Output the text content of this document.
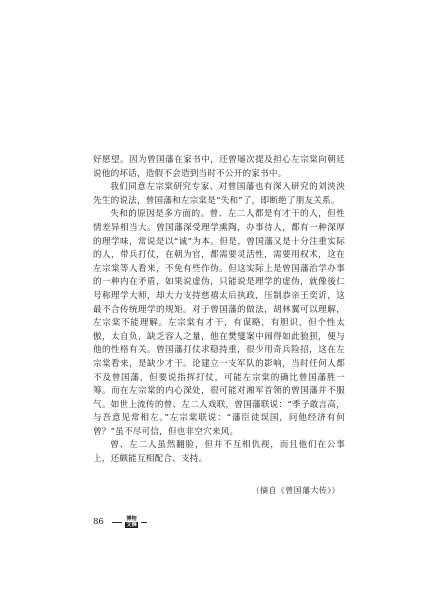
好愿望。因为曾国藩在家书中，还曾屡次提及担心左宗棠向朝廷说他的坏话，造假不会造到当时不公开的家书中。

我们同意左宗棠研究专家、对曾国藩也有深入研究的刘泱泱先生的说法，曾国藩和左宗棠是“失和”了，即断绝了朋友关系。

失和的原因是多方面的。曾、左二人都是有才干的人，但性情差异相当大。曾国藩深受理学熏陶，办事待人，都有一种深厚的理学味，常说是以“诚”为本。但是，曾国藩又是十分注重实际的人，带兵打仗，在朝为官，都需要灵活性，需要用权术，这在左宗棠等人看来，不免有些作伪。但这实际上是曾国藩治学办事的一种内在矛盾，如果说虚伪，只能说是理学的虚伪，就像後仁号称理学大师，却大力支持慈禧太后执政，压制恭亲王奕䜣，这最不合传统理学的规矩。对于曾国藩的做法，胡林翼可以理解，左宗棠不能理解。左宗棠有才干，有谋略，有胆识，但个性太傲，太自负，缺乏容人之量，他在樊燮案中闹得如此狼狈，便与他的性格有关。曾国藩打仗求稳持重，很少用奇兵险招，这在左宗棠看来，是缺少才干。论建立一支军队的影响，当时任何人都不及曾国藩，但要说指挥打仗，可能左宗棠的确比曾国藩胜一筹。而在左宗棠的内心深处，很可能对湘军首领的曾国藩并不服气。如世上流传的曾、左二人戏联，曾国藩联说：“季子敢言高，与吾意见常相左。”左宗棠联说：“藩臣徒误国，问他经济有何曾？”虽不尽可信，但也非空穴来风。

曾、左二人虽然翻脸，但并不互相仇视，而且他们在公事上，还颇能互相配合、支持。

（摘自《曾国藩大传》）
86	博物
文摘
